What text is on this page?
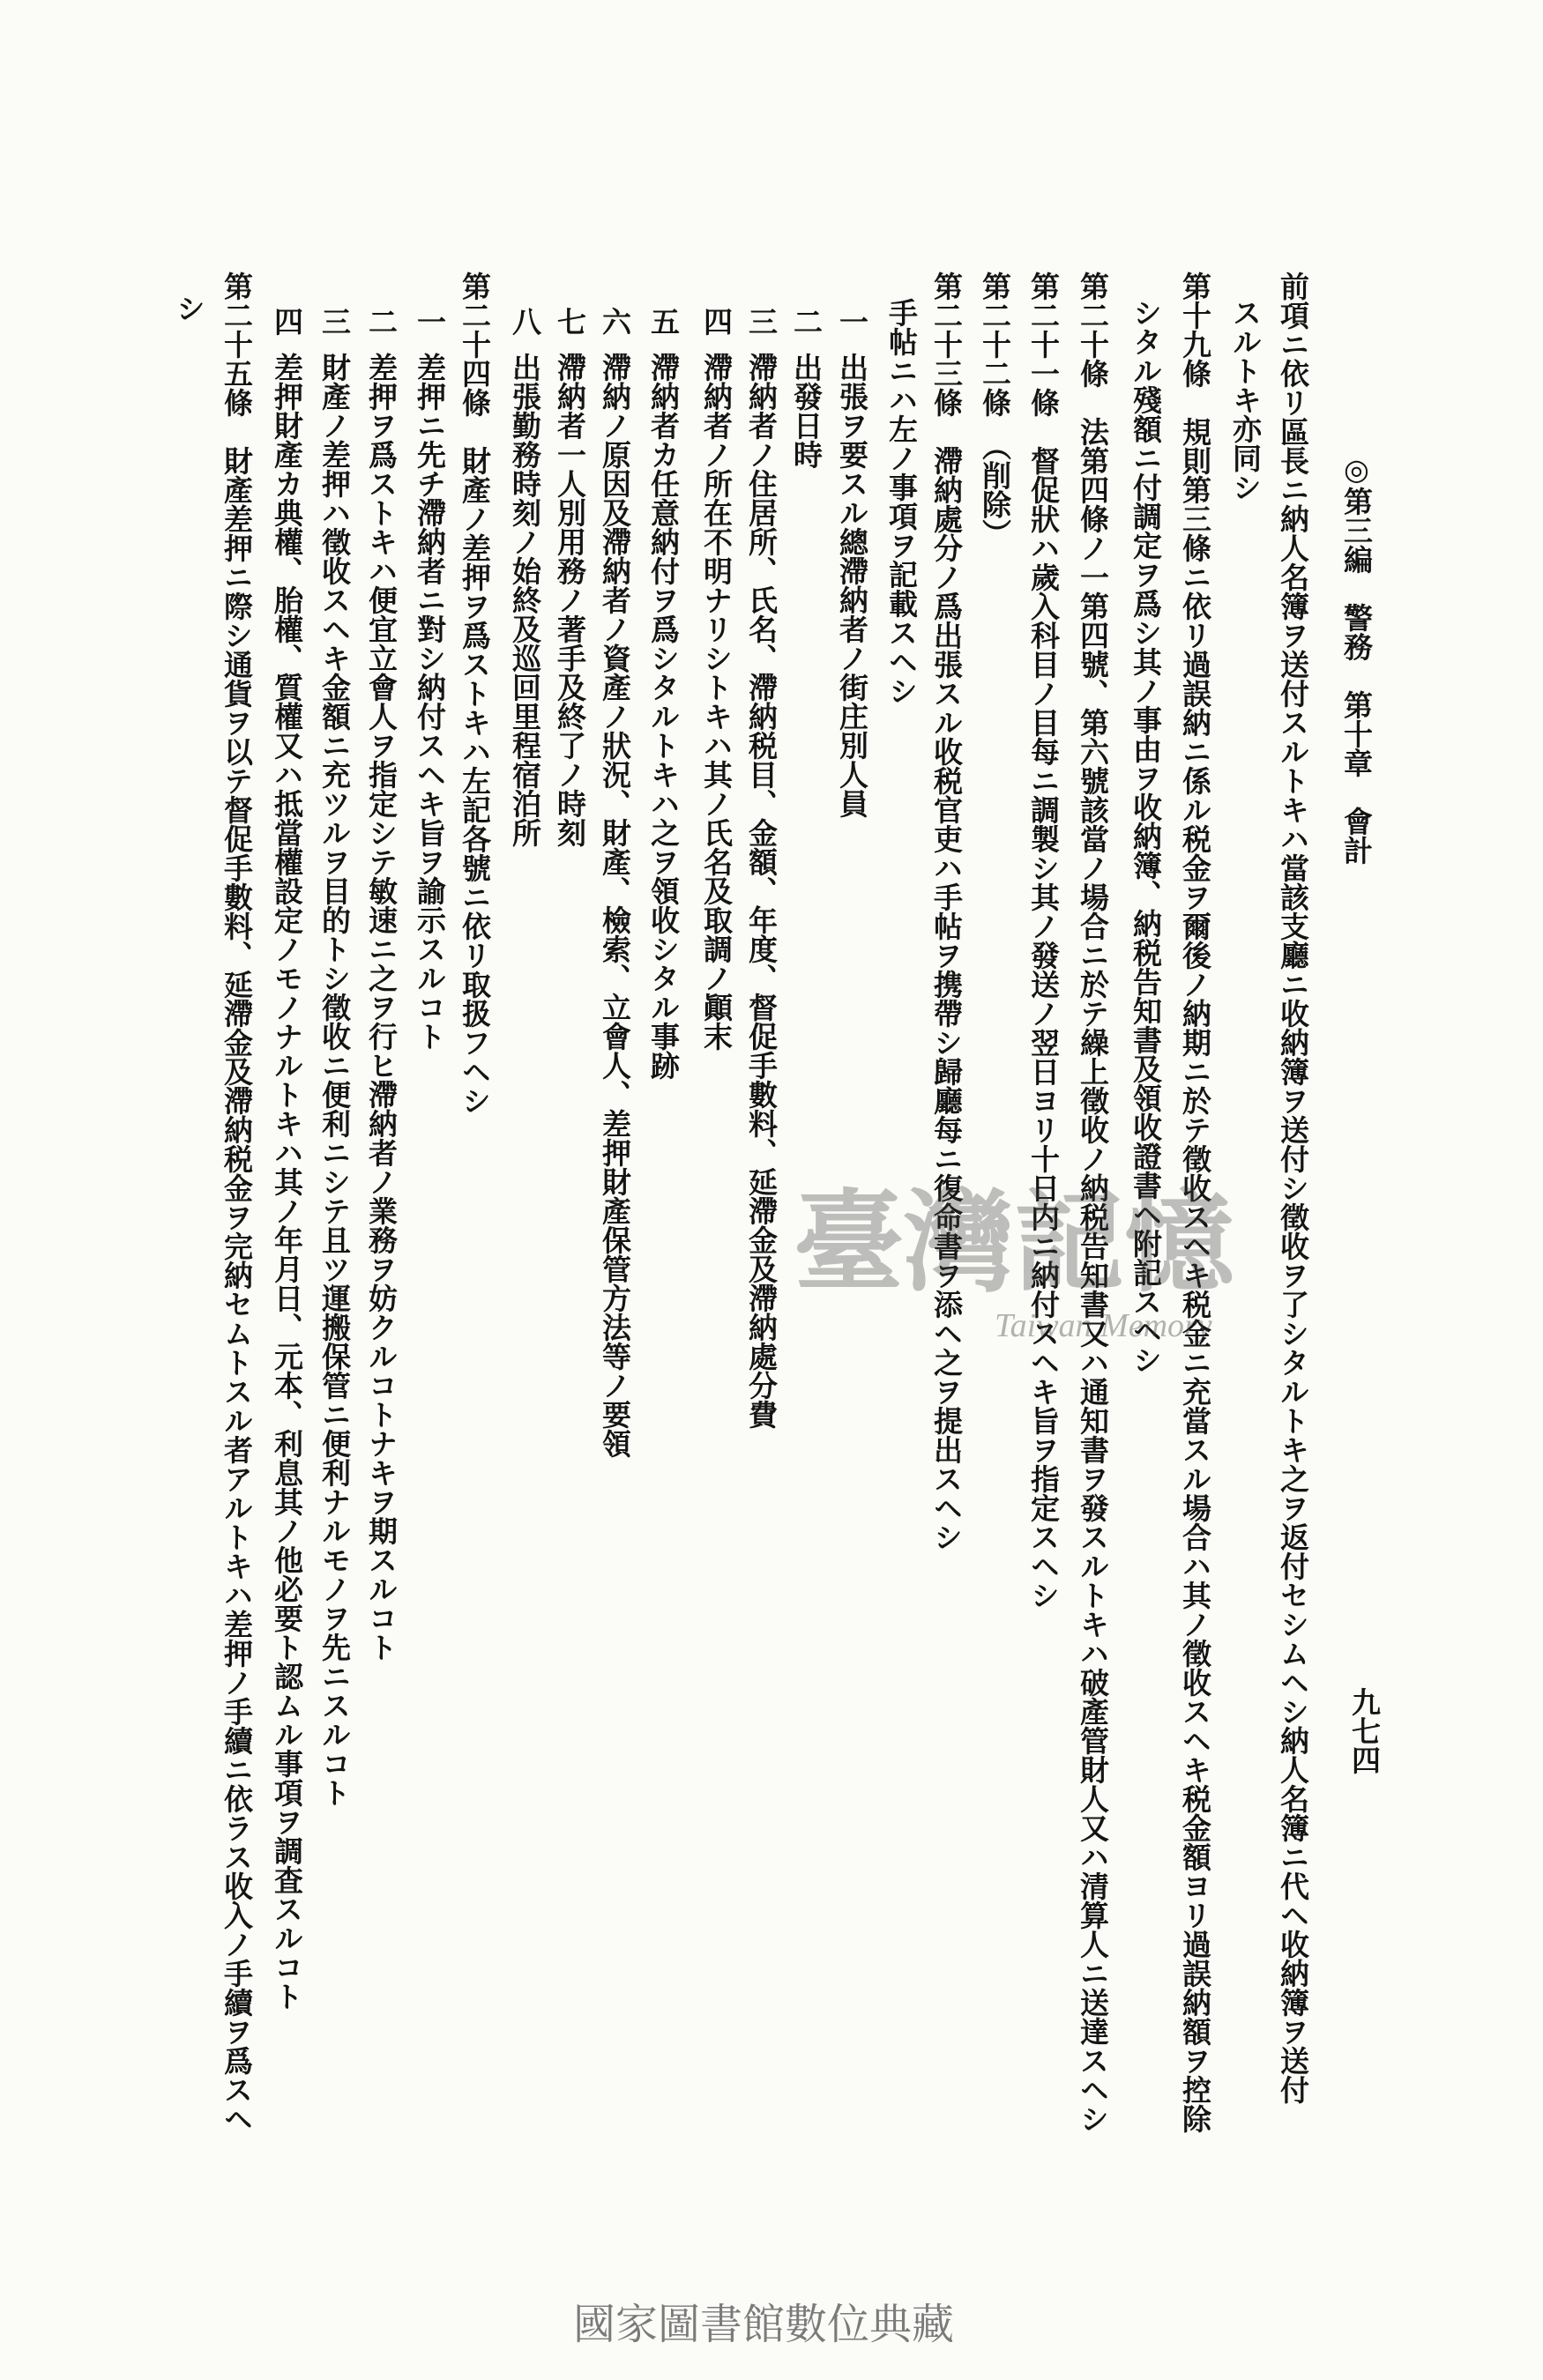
◎第三編　警務　第十章　會計
九七四
前項ニ依リ區長ニ納人名簿ヲ送付スルトキハ當該支廳ニ收納簿ヲ送付シ徵收ヲ了シタルトキ之ヲ返付セシムヘシ納人名簿ニ代ヘ收納簿ヲ送付
スルトキ亦同シ
第十九條　規則第三條ニ依リ過誤納ニ係ル税金ヲ爾後ノ納期ニ於テ徵收スヘキ税金ニ充當スル場合ハ其ノ徵收スヘキ税金額ヨリ過誤納額ヲ控除
シタル殘額ニ付調定ヲ爲シ其ノ事由ヲ收納簿、納税告知書及領收證書ヘ附記スヘシ
第二十條　法第四條ノ一第四號、第六號該當ノ場合ニ於テ繰上徵收ノ納税告知書又ハ通知書ヲ發スルトキハ破產管財人又ハ清算人ニ送達スヘシ
第二十一條　督促狀ハ歲入科目ノ目每ニ調製シ其ノ發送ノ翌日ヨリ十日内ニ納付スヘキ旨ヲ指定スヘシ
第二十二條　（削除）
第二十三條　滯納處分ノ爲出張スル收税官吏ハ手帖ヲ携帶シ歸廳每ニ復命書ヲ添ヘ之ヲ提出スヘシ
手帖ニハ左ノ事項ヲ記載スヘシ
一
出張ヲ要スル總滯納者ノ街庄別人員
二
出發日時
三
滯納者ノ住居所、氏名、滯納税目、金額、年度、督促手數料、延滯金及滯納處分費
四
滯納者ノ所在不明ナリシトキハ其ノ氏名及取調ノ顚末
五
滯納者カ任意納付ヲ爲シタルトキハ之ヲ領收シタル事跡
六
滯納ノ原因及滯納者ノ資產ノ狀況、財產、檢索、立會人、差押財產保管方法等ノ要領
七
滯納者一人別用務ノ著手及終了ノ時刻
八
出張勤務時刻ノ始終及巡回里程宿泊所
第二十四條　財產ノ差押ヲ爲ストキハ左記各號ニ依リ取扱フヘシ
一
差押ニ先チ滯納者ニ對シ納付スヘキ旨ヲ諭示スルコト
二
差押ヲ爲ストキハ便宜立會人ヲ指定シテ敏速ニ之ヲ行ヒ滯納者ノ業務ヲ妨クルコトナキヲ期スルコト
三
財產ノ差押ハ徵收スヘキ金額ニ充ツルヲ目的トシ徵收ニ便利ニシテ且ツ運搬保管ニ便利ナルモノヲ先ニスルコト
四
差押財產カ典權、胎權、質權又ハ抵當權設定ノモノナルトキハ其ノ年月日、元本、利息其ノ他必要ト認ムル事項ヲ調査スルコト
第二十五條　財產差押ニ際シ通貨ヲ以テ督促手數料、延滯金及滯納税金ヲ完納セムトスル者アルトキハ差押ノ手續ニ依ラス收入ノ手續ヲ爲スヘ
シ
臺灣記憶
Taiwan Memory
國家圖書館數位典藏
